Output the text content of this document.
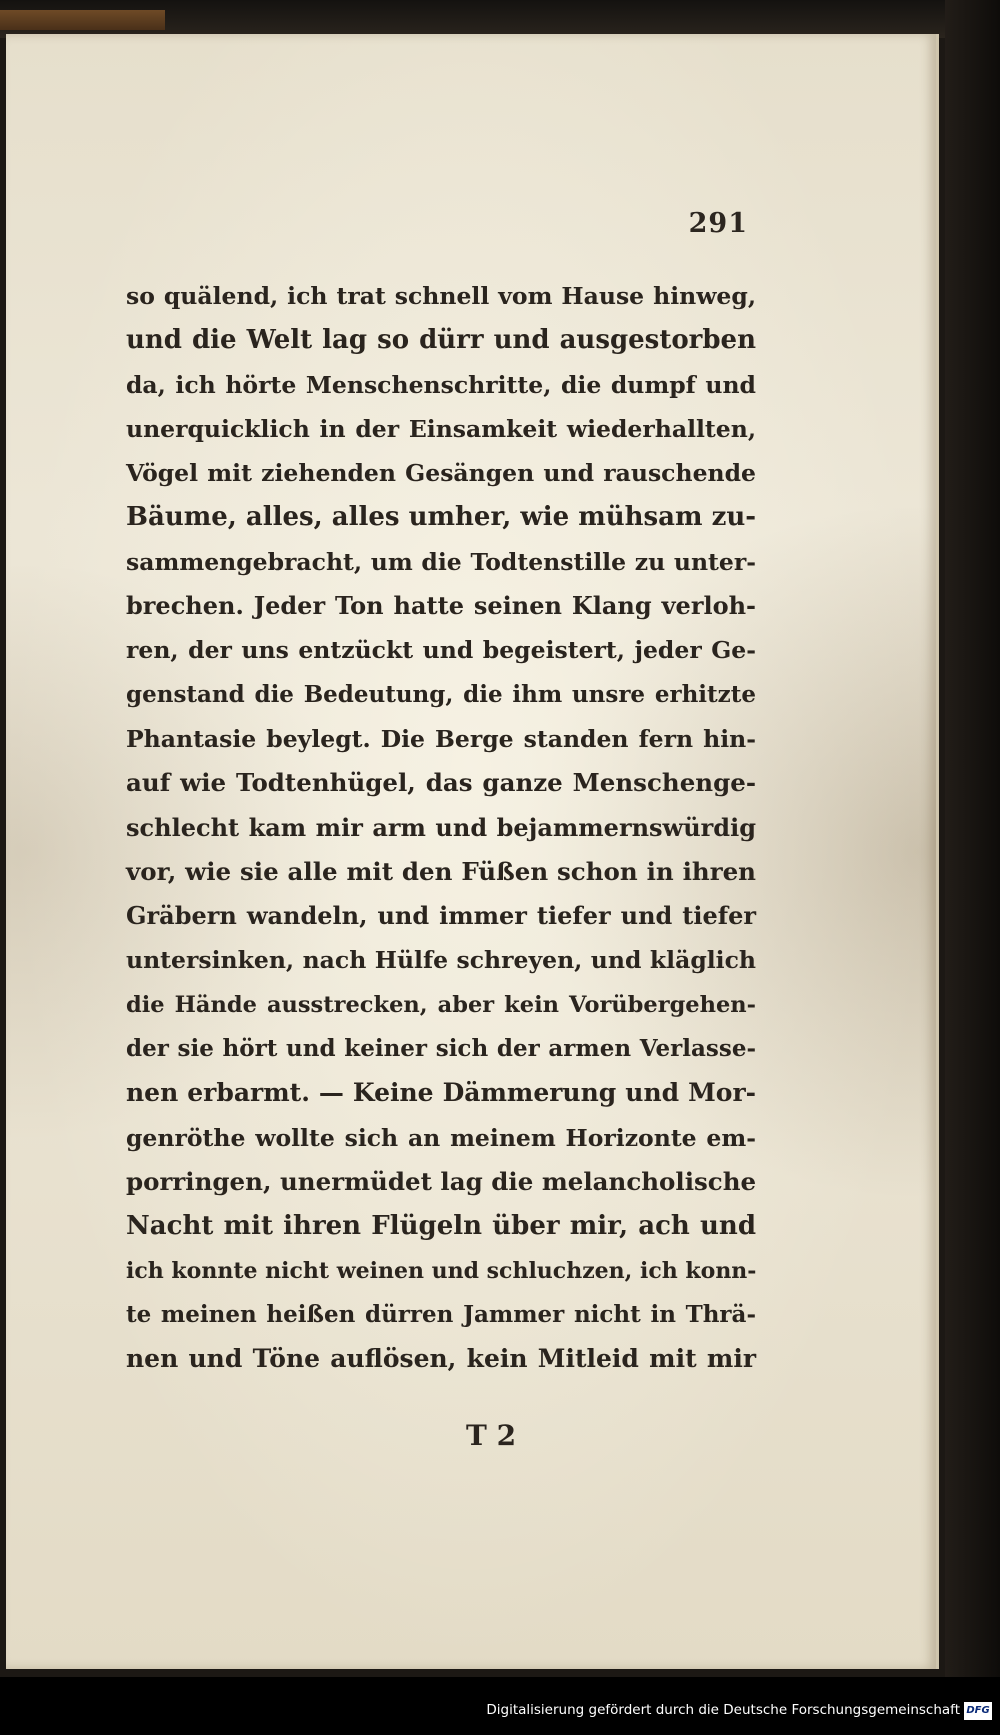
291
so quälend, ich trat schnell vom Hause hinweg,
und die Welt lag so dürr und ausgestorben
da, ich hörte Menschenschritte, die dumpf und
unerquicklich in der Einsamkeit wiederhallten,
Vögel mit ziehenden Gesängen und rauschende
Bäume, alles, alles umher, wie mühsam zu-
sammengebracht, um die Todtenstille zu unter-
brechen. Jeder Ton hatte seinen Klang verloh-
ren, der uns entzückt und begeistert, jeder Ge-
genstand die Bedeutung, die ihm unsre erhitzte
Phantasie beylegt. Die Berge standen fern hin-
auf wie Todtenhügel, das ganze Menschenge-
schlecht kam mir arm und bejammernswürdig
vor, wie sie alle mit den Füßen schon in ihren
Gräbern wandeln, und immer tiefer und tiefer
untersinken, nach Hülfe schreyen, und kläglich
die Hände ausstrecken, aber kein Vorübergehen-
der sie hört und keiner sich der armen Verlasse-
nen erbarmt. — Keine Dämmerung und Mor-
genröthe wollte sich an meinem Horizonte em-
porringen, unermüdet lag die melancholische
Nacht mit ihren Flügeln über mir, ach und
ich konnte nicht weinen und schluchzen, ich konn-
te meinen heißen dürren Jammer nicht in Thrä-
nen und Töne auflösen, kein Mitleid mit mir
T 2
Digitalisierung gefördert durch die Deutsche Forschungsgemeinschaft DFG
